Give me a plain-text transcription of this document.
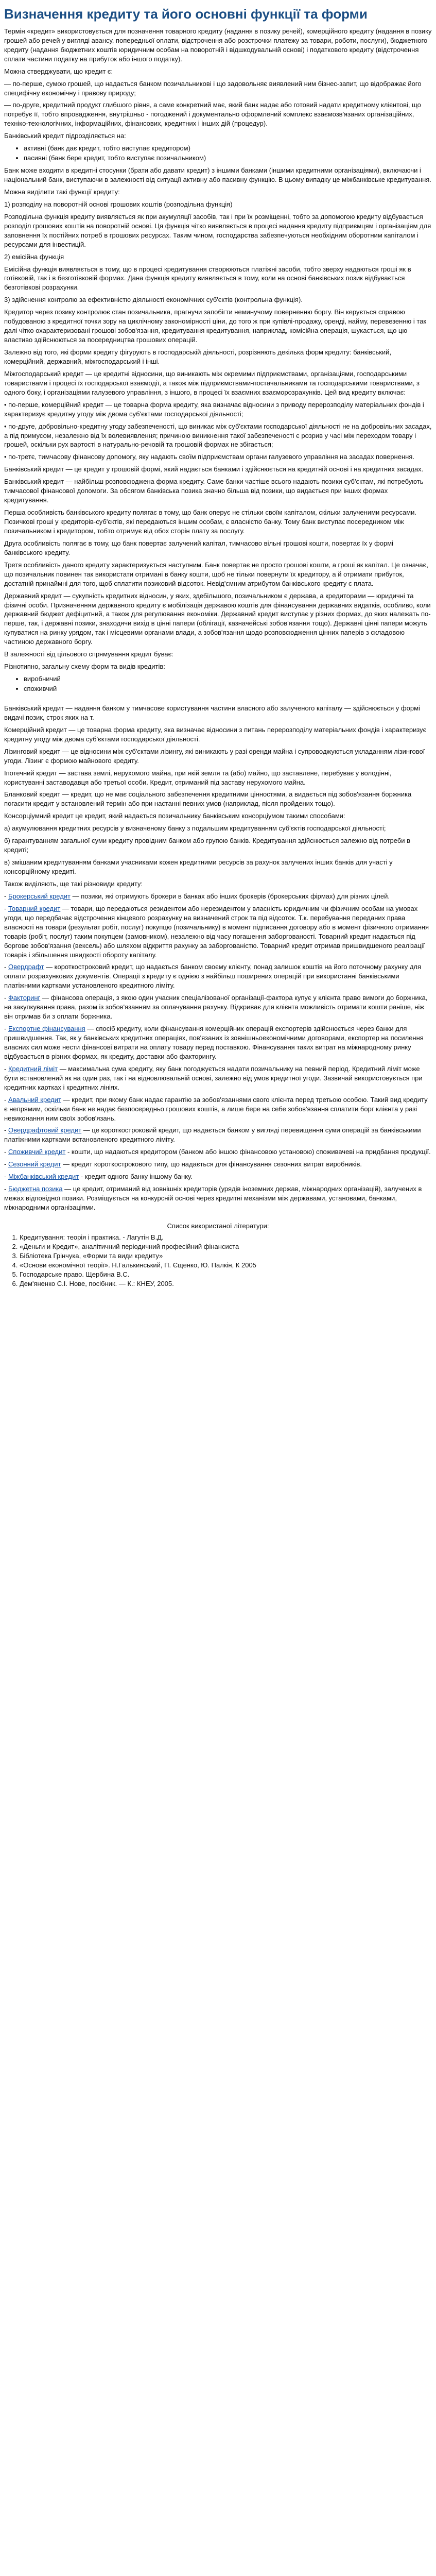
Визначення кредиту та його основні функції та форми

Термін «кредит» використовується для позначення товарного кредиту (надання в позику речей), комерційного кредиту (надання в позику грошей або речей у вигляді авансу, попередньої оплати, відстрочення або розстрочки платежу за товари, роботи, послуги), бюджетного кредиту (надання бюджетних коштів юридичним особам на поворотній і відшкодувальній основі) і податкового кредиту (відстрочення сплати частини податку на прибуток або іншого податку).

Можна стверджувати, що кредит є:

— по-перше, сумою грошей, що надається банком позичальникові і що задовольняє виявлений ним бізнес-запит, що відображає його специфічну економічну і правову природу;

— по-друге, кредитний продукт глибшого рівня, а саме конкретний має, який банк надає або готовий надати кредитному клієнтові, що потребує її, тобто впровадження, внутрішньо - погоджений і документально оформлений комплекс взаємозв'язаних організаційних, техніко-технологічних, інформаційних, фінансових, кредитних і інших дій (процедур).

Банківський кредит підрозділяється на:

• активні (банк дає кредит, тобто виступає кредитором)
• пасивні (банк бере кредит, тобто виступає позичальником)

Банк може входити в кредитні стосунки (брати або давати кредит) з іншими банками (іншими кредитними організаціями), включаючи і національний банк, виступаючи в залежності від ситуації активну або пасивну функцію. В цьому випадку це міжбанківське кредитування.

Можна виділити такі функції кредиту:

1) розподілу на поворотній основі грошових коштів (розподільна функція)

Розподільна функція кредиту виявляється як при акумуляції засобів, так і при їх розміщенні, тобто за допомогою кредиту відбувається розподіл грошових коштів на поворотній основі. Ця функція чітко виявляється в процесі надання кредиту підприємцям і організаціям для заповнення їх постійних потреб в грошових ресурсах. Таким чином, господарства забезпечуються необхідним оборотним капіталом і ресурсами для інвестицій.

2) емісійна функція

Емісійна функція виявляється в тому, що в процесі кредитування створюються платіжні засоби, тобто зверху надаються гроші як в готівковій, так і в безготівковій формах. Дана функція кредиту виявляється в тому, коли на основі банківських позик відбувається безготівкові розрахунки.

3) здійснення контролю за ефективністю діяльності економічних суб'єктів (контрольна функція).

Кредитор через позику контролює стан позичальника, прагнучи запобігти неминучому поверненню боргу. Він керується справою побудованою з кредитної точки зору на циклічному закономірності ціни, до того ж при купівлі-продажу, оренді, найму, перевезенню і так далі чітко охарактеризовані грошові зобов'язання, кредитування кредитування, наприклад, комісійна операція, шукається, що цю властиво здійснюються за посередництва грошових операцій.

Залежно від того, які форми кредиту фігурують в господарській діяльності, розрізняють декілька форм кредиту: банківський, комерційний, державний, міжгосподарський і інші.

Міжгосподарський кредит — це кредитні відносини, що виникають між окремими підприємствами, організаціями, господарськими товариствами і процесі їх господарської взаємодії, а також між підприємствами-постачальниками та господарськими товариствами, з одного боку, і організаціями галузевого управління, з іншого, в процесі їх взаємних взаєморозрахунків. Цей вид кредиту включає:

• по-перше, комерційний кредит — це товарна форма кредиту, яка визначає відносини з приводу перерозподілу матеріальних фондів і характеризує кредитну угоду між двома суб'єктами господарської діяльності;

• по-друге, добровільно-кредитну угоду забезпеченості, що виникає між суб'єктами господарської діяльності не на добровільних засадах, а під примусом, незалежно від їх волевиявлення; причиною виникнення такої забезпеченості є розрив у часі між переходом товару і грошей, оскільки рух вартості в натурально-речовій та грошовій формах не збігається;

• по-третє, тимчасову фінансову допомогу, яку надають своїм підприємствам органи галузевого управління на засадах повернення.

Банківський кредит — це кредит у грошовій формі, який надається банками і здійснюється на кредитній основі і на кредитних засадах.

Банківський кредит — найбільш розповсюджена форма кредиту. Саме банки частіше всього надають позики суб'єктам, які потребують тимчасової фінансової допомоги. За обсягом банківська позика значно більша від позики, що видається при інших формах кредитування.

Перша особливість банківського кредиту полягає в тому, що банк оперує не стільки своїм капіталом, скільки залученими ресурсами. Позичкові гроші у кредиторів-суб'єктів, які передаються іншим особам, є власністю банку. Тому банк виступає посередником між позичальником і кредитором, тобто отримує від обох сторін плату за послугу.

Друга особливість полягає в тому, що банк повертає залучений капітал, тимчасово вільні грошові кошти, повертає їх у формі банківського кредиту.

Третя особливість даного кредиту характеризується наступним. Банк повертає не просто грошові кошти, а гроші як капітал. Це означає, що позичальник повинен так використати отримані в банку кошти, щоб не тільки повернути їх кредитору, а й отримати прибуток, достатній принаймні для того, щоб сплатити позиковий відсоток. Невід'ємним атрибутом банківського кредиту є плата.

Державний кредит — сукупність кредитних відносин, у яких, здебільшого, позичальником є держава, а кредиторами — юридичні та фізичні особи. Призначенням державного кредиту є мобілізація державою коштів для фінансування державних видатків, особливо, коли державний бюджет дефіцитний, а також для регулювання економіки. Державний кредит виступає у різних формах, до яких належать по-перше, так, і державні позики, знаходячи вихід в ціннi папери (облігації, казначейські зобов'язання тощо). Державні цінні папери можуть купуватися на ринку урядом, так і місцевими органами влади, а зобов'язання щодо розповсюдження цінних паперів з складовою частиною державного боргу.

В залежності від цільового спрямування кредит буває:

Різнотипно, загальну схему форм та видів кредитів:

• виробничий
• споживчий

Банківський кредит — надання банком у тимчасове користування частини власного або залученого капіталу — здійснюється у формі видачі позик, строк яких на т.

Комерційний кредит — це товарна форма кредиту, яка визначає відносини з питань перерозподілу матеріальних фондів і характеризує кредитну угоду між двома суб'єктами господарської діяльності.

Лізинговий кредит — це відносини між суб'єктами лізингу, які виникають у разі оренди майна і супроводжуються укладанням лізингової угоди. Лізинг є формою майнового кредиту.

Іпотечний кредит — застава землі, нерухомого майна, при якій земля та (або) майно, що заставлене, перебуває у володінні, користуванні заставодавця або третьої особи. Кредит, отриманий під заставу нерухомого майна.

Бланковий кредит — кредит, що не має соціального забезпечення кредитними цінностями, а видається під зобов'язання боржника погасити кредит у встановлений термін або при настанні певних умов (наприклад, після пройдених тощо).

Консорціумний кредит це кредит, який надається позичальнику банківським консорціумом такими способами:

а) акумулювання кредитних ресурсів у визначеному банку з подальшим кредитуванням суб'єктів господарської діяльності;

б) гарантуванням загальної суми кредиту провідним банком або групою банків. Кредитування здійснюється залежно від потреби в кредиті;

в) змішаним кредитуванням банками учасниками кожен кредитними ресурсів за рахунок залучених інших банків для участі у консорційному кредиті.

Також виділяють, ще такі різновиди кредиту:

- Брокерський кредит — позики, які отримують брокери в банках або інших брокерів (брокерських фірмах) для різних цілей.

- Товарний кредит — товари, що передаються резидентом або нерезидентом у власність юридичним чи фізичним особам на умовах угоди, що передбачає відстрочення кінцевого розрахунку на визначений строк та під відсоток. Т.к. перебування переданих права власності на товари (результат робіт, послуг) покупцю (позичальнику) в момент підписання договору або в момент фізичного отримання товарів (робіт, послуг) таким покупцем (замовником), незалежно від часу погашення заборгованості. Товарний кредит надається під боргове зобов'язання (вексель) або шляхом відкриття рахунку за заборгованістю. Товарний кредит отримав пришвидшеного реалізації товарів і збільшення швидкості обороту капіталу.

- Овердрафт — короткостроковий кредит, що надається банком своєму клієнту, понад залишок коштів на його поточному рахунку для оплати розрахункових документів. Операції з кредиту є однією з найбільш поширених операцій при використанні банківськими платіжними картками установленого кредитного ліміту.

- Факторинг — фінансова операція, з якою один учасник спеціалізованої організації-фактора купує у клієнта право вимоги до боржника, на закупкування права, разом із зобов'язанням за оплачування рахунку. Відкриває для клієнта можливість отримати кошти раніше, ніж він отримав би з оплати боржника.

- Експортне фінансування — спосіб кредиту, коли фінансування комерційних операцій експортерів здійснюється через банки для пришвидшення. Так, як у банківських кредитних операціях, пов'язаних із зовнішньоекономічними договорами, експортер на посилення власних сил може нести фінансові витрати на оплату товару перед поставкою. Фінансування таких витрат на міжнародному ринку відбувається в різних формах, як кредиту, доставки або факторингу.

- Кредитний ліміт — максимальна сума кредиту, яку банк погоджується надати позичальнику на певний період. Кредитний ліміт може бути встановлений як на один раз, так і на відновлювальній основі, залежно від умов кредитної угоди. Зазвичай використовується при кредитних картках і кредитних лініях.

- Авальний кредит — кредит, при якому банк надає гарантію за зобов'язаннями свого клієнта перед третьою особою. Такий вид кредиту є непрямим, оскільки банк не надає безпосередньо грошових коштів, а лише бере на себе зобов'язання сплатити борг клієнта у разі невиконання ним своїх зобов'язань.

- Овердрафтовий кредит — це короткостроковий кредит, що надається банком у вигляді перевищення суми операцій за банківськими платіжними картками встановленого кредитного ліміту.

- Споживчий кредит - кошти, що надаються кредитором (банком або іншою фінансовою установою) споживачеві на придбання продукції.

- Сезонний кредит — кредит короткострокового типу, що надається для фінансування сезонних витрат виробників.

- Міжбанківський кредит - кредит одного банку іншому банку.

- Бюджетна позика — це кредит, отриманий від зовнішніх кредиторів (урядів іноземних держав, міжнародних організацій), залучених в межах відповідної позики. Розміщується на конкурсній основі через кредитні механізми між державами, установами, банками, міжнародними організаціями.

Список використаної літератури:
1. Кредитування: теорія і практика. - Лагутін В.Д.
2. «Деньги и Кредит», аналітичний періодичний професійний фінансиста
3. Бібліотека Грінчука, «Форми та види кредиту»
4. «Основи економічної теорії». Н.Галькинський, П. Єщенко, Ю. Палкін, К 2005
5. Господарське право. Щербина В.С.
6. Дем'яненко С.І. Нове, посібник. — К.: КНЕУ, 2005.
